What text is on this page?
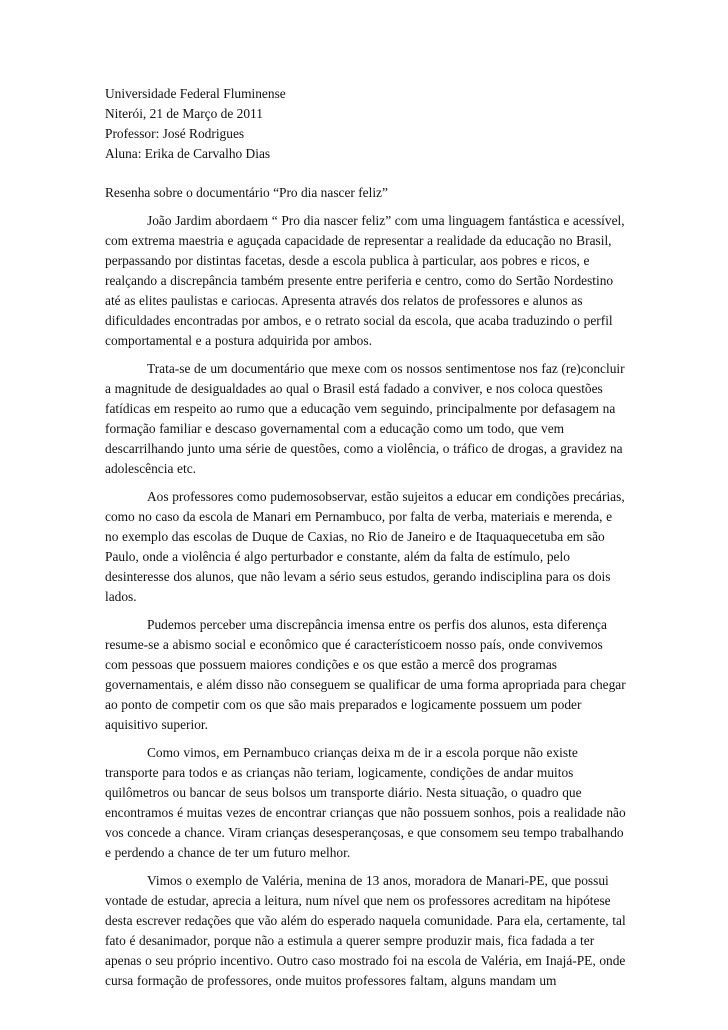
Universidade Federal Fluminense

Niterói, 21 de Março de 2011

Professor: José Rodrigues

Aluna: Erika de Carvalho Dias

Resenha sobre o documentário “Pro dia nascer feliz”

João Jardim abordaem “ Pro dia nascer feliz” com uma linguagem fantástica e acessível, com extrema maestria e aguçada capacidade de representar a realidade da educação no Brasil, perpassando por distintas facetas, desde a escola publica à particular, aos pobres e ricos, e realçando a discrepância também presente entre periferia e centro, como do Sertão Nordestino até as elites paulistas e cariocas. Apresenta através dos relatos de professores e alunos as dificuldades encontradas por ambos, e o retrato social da escola, que acaba traduzindo o perfil comportamental e a postura adquirida por ambos.

Trata-se de um documentário que mexe com os nossos sentimentose nos faz (re)concluir a magnitude de desigualdades ao qual o Brasil está fadado a conviver, e nos coloca questões fatídicas em respeito ao rumo que a educação vem seguindo, principalmente por defasagem na formação familiar e descaso governamental com a educação como um todo, que vem descarrilhando junto uma série de questões, como a violência, o tráfico de drogas, a gravidez na adolescência etc.

Aos professores como pudemosobservar, estão sujeitos a educar em condições precárias, como no caso da escola de Manari em Pernambuco, por falta de verba, materiais e merenda, e no exemplo das escolas de Duque de Caxias, no Rio de Janeiro e de Itaquaquecetuba em são Paulo, onde a violência é algo perturbador e constante, além da falta de estímulo, pelo desinteresse dos alunos, que não levam a sério seus estudos, gerando indisciplina para os dois lados.

Pudemos perceber uma discrepância imensa entre os perfis dos alunos, esta diferença resume-se a abismo social e econômico que é característicoem nosso país, onde convivemos com pessoas que possuem maiores condições e os que estão a mercê dos programas governamentais, e além disso não conseguem se qualificar de uma forma apropriada para chegar ao ponto de competir com os que são mais preparados e logicamente possuem um poder aquisitivo superior.

Como vimos, em Pernambuco crianças deixa m de ir a escola porque não existe transporte para todos e as crianças não teriam, logicamente, condições de andar muitos quilômetros ou bancar de seus bolsos um transporte diário. Nesta situação, o quadro que encontramos é muitas vezes de encontrar crianças que não possuem sonhos, pois a realidade não vos concede a chance. Viram crianças desesperançosas, e que consomem seu tempo trabalhando e perdendo a chance de ter um futuro melhor.

Vimos o exemplo de Valéria, menina de 13 anos, moradora de Manari-PE, que possui vontade de estudar, aprecia a leitura, num nível que nem os professores acreditam na hipótese desta escrever redações que vão além do esperado naquela comunidade. Para ela, certamente, tal fato é desanimador, porque não a estimula a querer sempre produzir mais, fica fadada a ter apenas o seu próprio incentivo. Outro caso mostrado foi na escola de Valéria, em Inajá-PE, onde cursa formação de professores, onde muitos professores faltam, alguns mandam um
